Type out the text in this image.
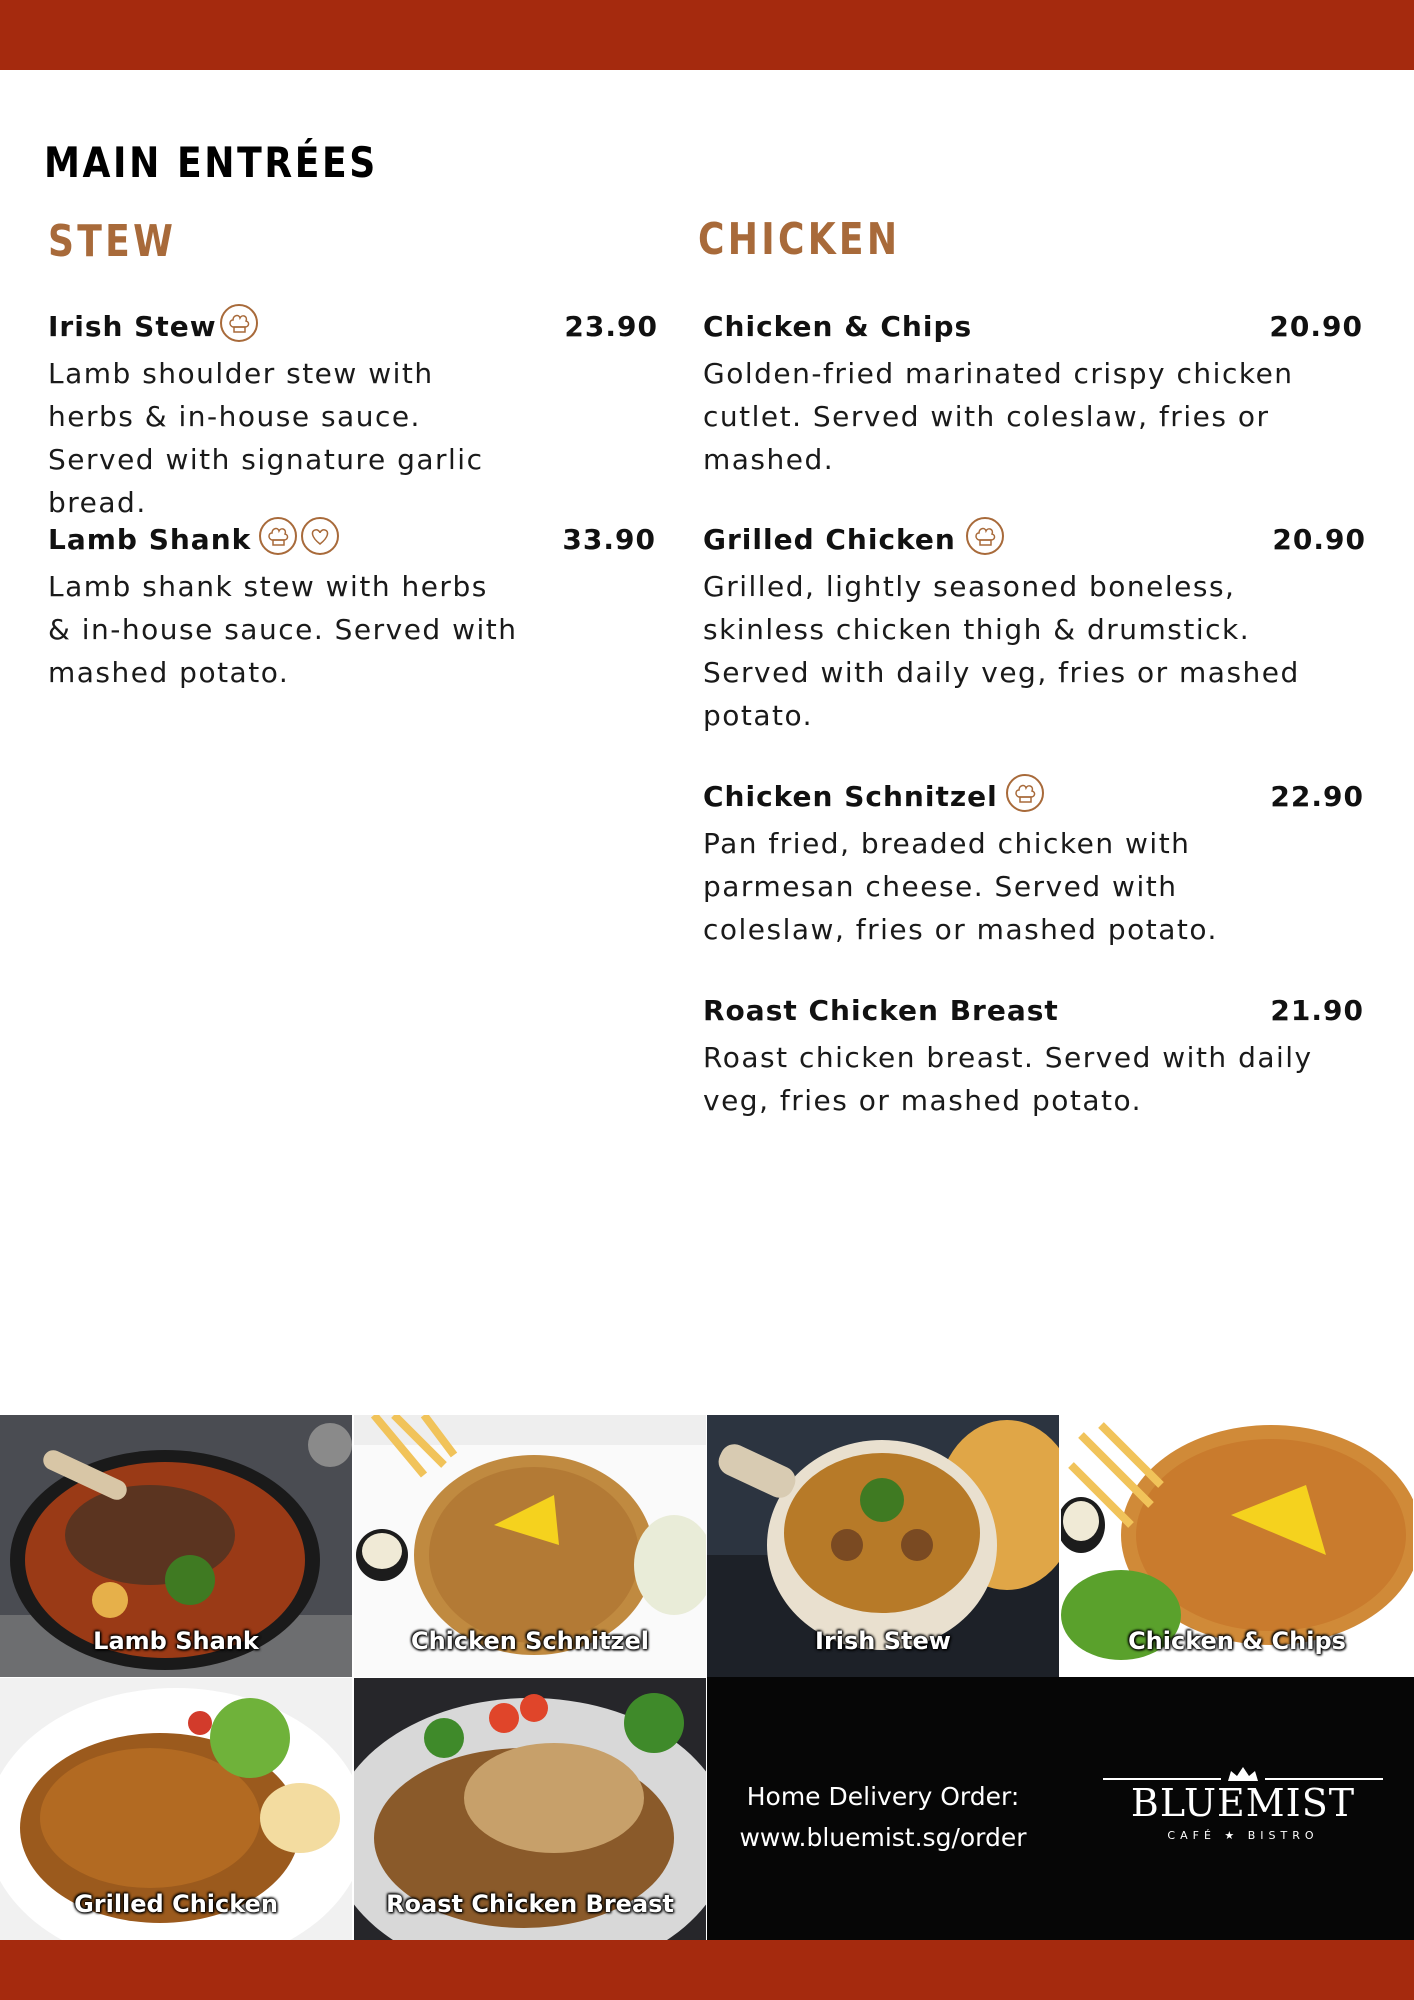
MAIN ENTRÉES
STEW
Irish Stew	23.90
Lamb shoulder stew with herbs & in-house sauce. Served with signature garlic bread.
Lamb Shank	33.90
Lamb shank stew with herbs & in-house sauce. Served with mashed potato.
CHICKEN
Chicken & Chips	20.90
Golden-fried marinated crispy chicken cutlet. Served with coleslaw, fries or mashed.
Grilled Chicken	20.90
Grilled, lightly seasoned boneless, skinless chicken thigh & drumstick. Served with daily veg, fries or mashed potato.
Chicken Schnitzel	22.90
Pan fried, breaded chicken with parmesan cheese. Served with coleslaw, fries or mashed potato.
Roast Chicken Breast	21.90
Roast chicken breast. Served with daily veg, fries or mashed potato.
Lamb Shank	Chicken Schnitzel	Irish Stew	Chicken & Chips
Grilled Chicken	Roast Chicken Breast
Home Delivery Order:
www.bluemist.sg/order
BLUEMIST
CAFÉ ★ BISTRO
